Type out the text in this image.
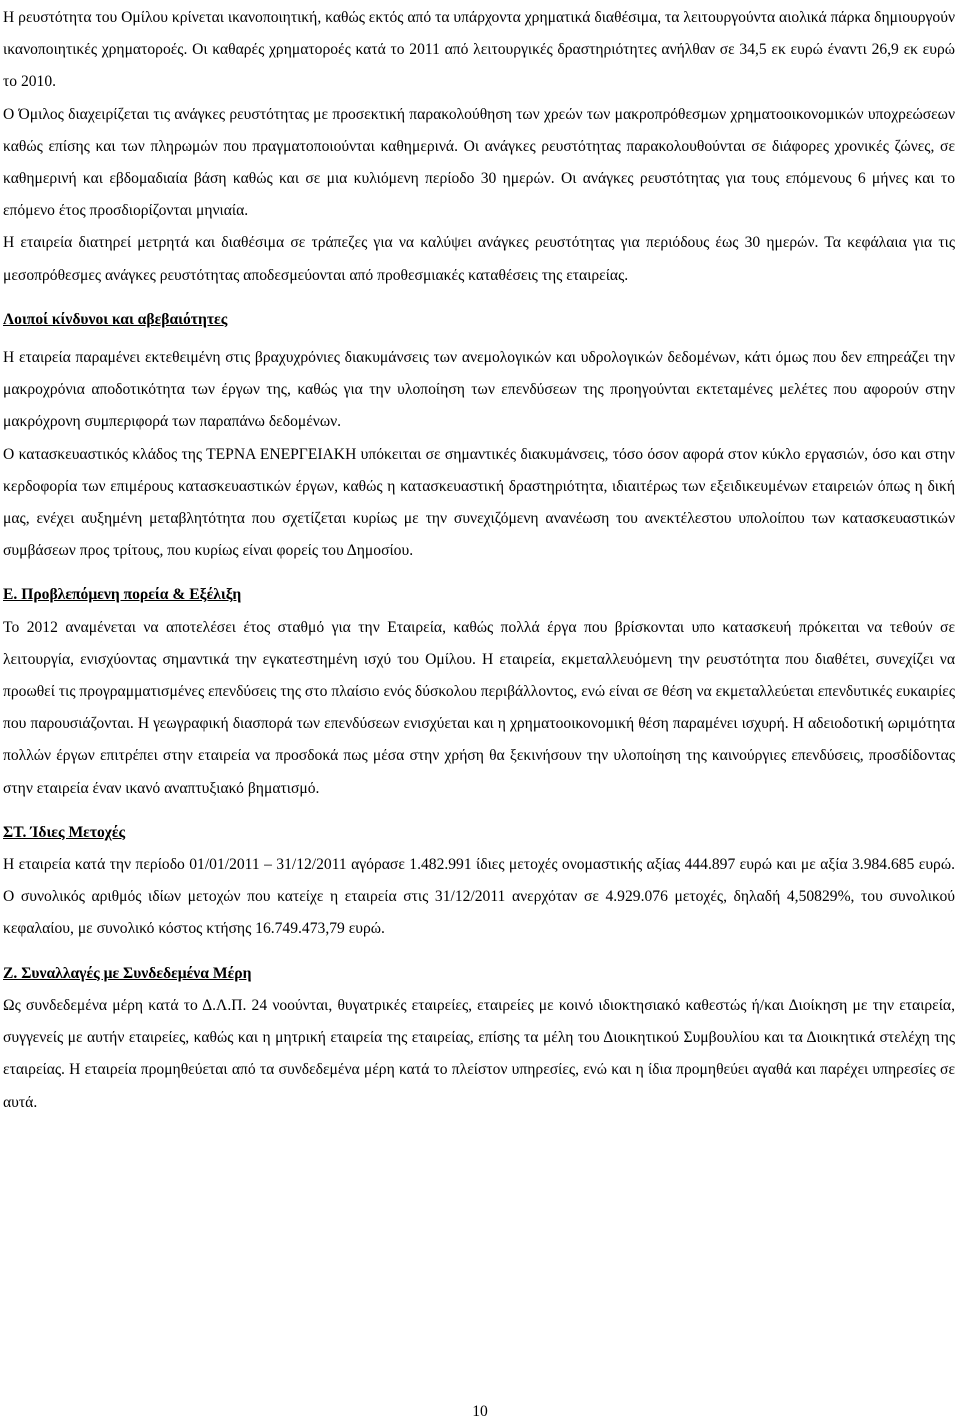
Η ρευστότητα του Ομίλου κρίνεται ικανοποιητική, καθώς εκτός από τα υπάρχοντα χρηματικά διαθέσιμα, τα λειτουργούντα αιολικά πάρκα δημιουργούν ικανοποιητικές χρηματοροές. Οι καθαρές χρηματοροές κατά το 2011 από λειτουργικές δραστηριότητες ανήλθαν σε 34,5 εκ ευρώ έναντι 26,9 εκ ευρώ το 2010.

Ο Όμιλος διαχειρίζεται τις ανάγκες ρευστότητας με προσεκτική παρακολούθηση των χρεών των μακροπρόθεσμων χρηματοοικονομικών υποχρεώσεων καθώς επίσης και των πληρωμών που πραγματοποιούνται καθημερινά. Οι ανάγκες ρευστότητας παρακολουθούνται σε διάφορες χρονικές ζώνες, σε καθημερινή και εβδομαδιαία βάση καθώς και σε μια κυλιόμενη περίοδο 30 ημερών. Οι ανάγκες ρευστότητας για τους επόμενους 6 μήνες και το επόμενο έτος προσδιορίζονται μηνιαία.

Η εταιρεία διατηρεί μετρητά και διαθέσιμα σε τράπεζες για να καλύψει ανάγκες ρευστότητας για περιόδους έως 30 ημερών. Τα κεφάλαια για τις μεσοπρόθεσμες ανάγκες ρευστότητας αποδεσμεύονται από προθεσμιακές καταθέσεις της εταιρείας.

Λοιποί κίνδυνοι και αβεβαιότητες

Η εταιρεία παραμένει εκτεθειμένη στις βραχυχρόνιες διακυμάνσεις των ανεμολογικών και υδρολογικών δεδομένων, κάτι όμως που δεν επηρεάζει την μακροχρόνια αποδοτικότητα των έργων της, καθώς για την υλοποίηση των επενδύσεων της προηγούνται εκτεταμένες μελέτες που αφορούν στην μακρόχρονη συμπεριφορά των παραπάνω δεδομένων.

Ο κατασκευαστικός κλάδος της ΤΕΡΝΑ ΕΝΕΡΓΕΙΑΚΗ υπόκειται σε σημαντικές διακυμάνσεις, τόσο όσον αφορά στον κύκλο εργασιών, όσο και στην κερδοφορία των επιμέρους κατασκευαστικών έργων, καθώς η κατασκευαστική δραστηριότητα, ιδιαιτέρως των εξειδικευμένων εταιρειών όπως η δική μας, ενέχει αυξημένη μεταβλητότητα που σχετίζεται κυρίως με την συνεχιζόμενη ανανέωση του ανεκτέλεστου υπολοίπου των κατασκευαστικών συμβάσεων προς τρίτους, που κυρίως είναι φορείς του Δημοσίου.

Ε. Προβλεπόμενη πορεία & Εξέλιξη

Το 2012 αναμένεται να αποτελέσει έτος σταθμό για την Εταιρεία, καθώς πολλά έργα που βρίσκονται υπο κατασκευή πρόκειται να τεθούν σε λειτουργία, ενισχύοντας σημαντικά την εγκατεστημένη ισχύ του Ομίλου. Η εταιρεία, εκμεταλλευόμενη την ρευστότητα που διαθέτει, συνεχίζει να προωθεί τις προγραμματισμένες επενδύσεις της στο πλαίσιο ενός δύσκολου περιβάλλοντος, ενώ είναι σε θέση να εκμεταλλεύεται επενδυτικές ευκαιρίες που παρουσιάζονται. Η γεωγραφική διασπορά των επενδύσεων ενισχύεται και η χρηματοοικονομική θέση παραμένει ισχυρή. Η αδειοδοτική ωριμότητα πολλών έργων επιτρέπει στην εταιρεία να προσδοκά πως μέσα στην χρήση θα ξεκινήσουν την υλοποίηση της καινούργιες επενδύσεις, προσδίδοντας στην εταιρεία έναν ικανό αναπτυξιακό βηματισμό.

ΣΤ. Ίδιες Μετοχές

Η εταιρεία κατά την περίοδο 01/01/2011 – 31/12/2011 αγόρασε 1.482.991 ίδιες μετοχές ονομαστικής αξίας 444.897 ευρώ και με αξία 3.984.685 ευρώ. Ο συνολικός αριθμός ιδίων μετοχών που κατείχε η εταιρεία στις 31/12/2011 ανερχόταν σε 4.929.076 μετοχές, δηλαδή 4,50829%, του συνολικού κεφαλαίου, με συνολικό κόστος κτήσης 16.749.473,79 ευρώ.

Ζ. Συναλλαγές με Συνδεδεμένα Μέρη

Ως συνδεδεμένα μέρη κατά το Δ.Λ.Π. 24 νοούνται, θυγατρικές εταιρείες, εταιρείες με κοινό ιδιοκτησιακό καθεστώς ή/και Διοίκηση με την εταιρεία, συγγενείς με αυτήν εταιρείες, καθώς και η μητρική εταιρεία της εταιρείας, επίσης τα μέλη του Διοικητικού Συμβουλίου και τα Διοικητικά στελέχη της εταιρείας. Η εταιρεία προμηθεύεται από τα συνδεδεμένα μέρη κατά το πλείστον υπηρεσίες, ενώ και η ίδια προμηθεύει αγαθά και παρέχει υπηρεσίες σε αυτά.

10
